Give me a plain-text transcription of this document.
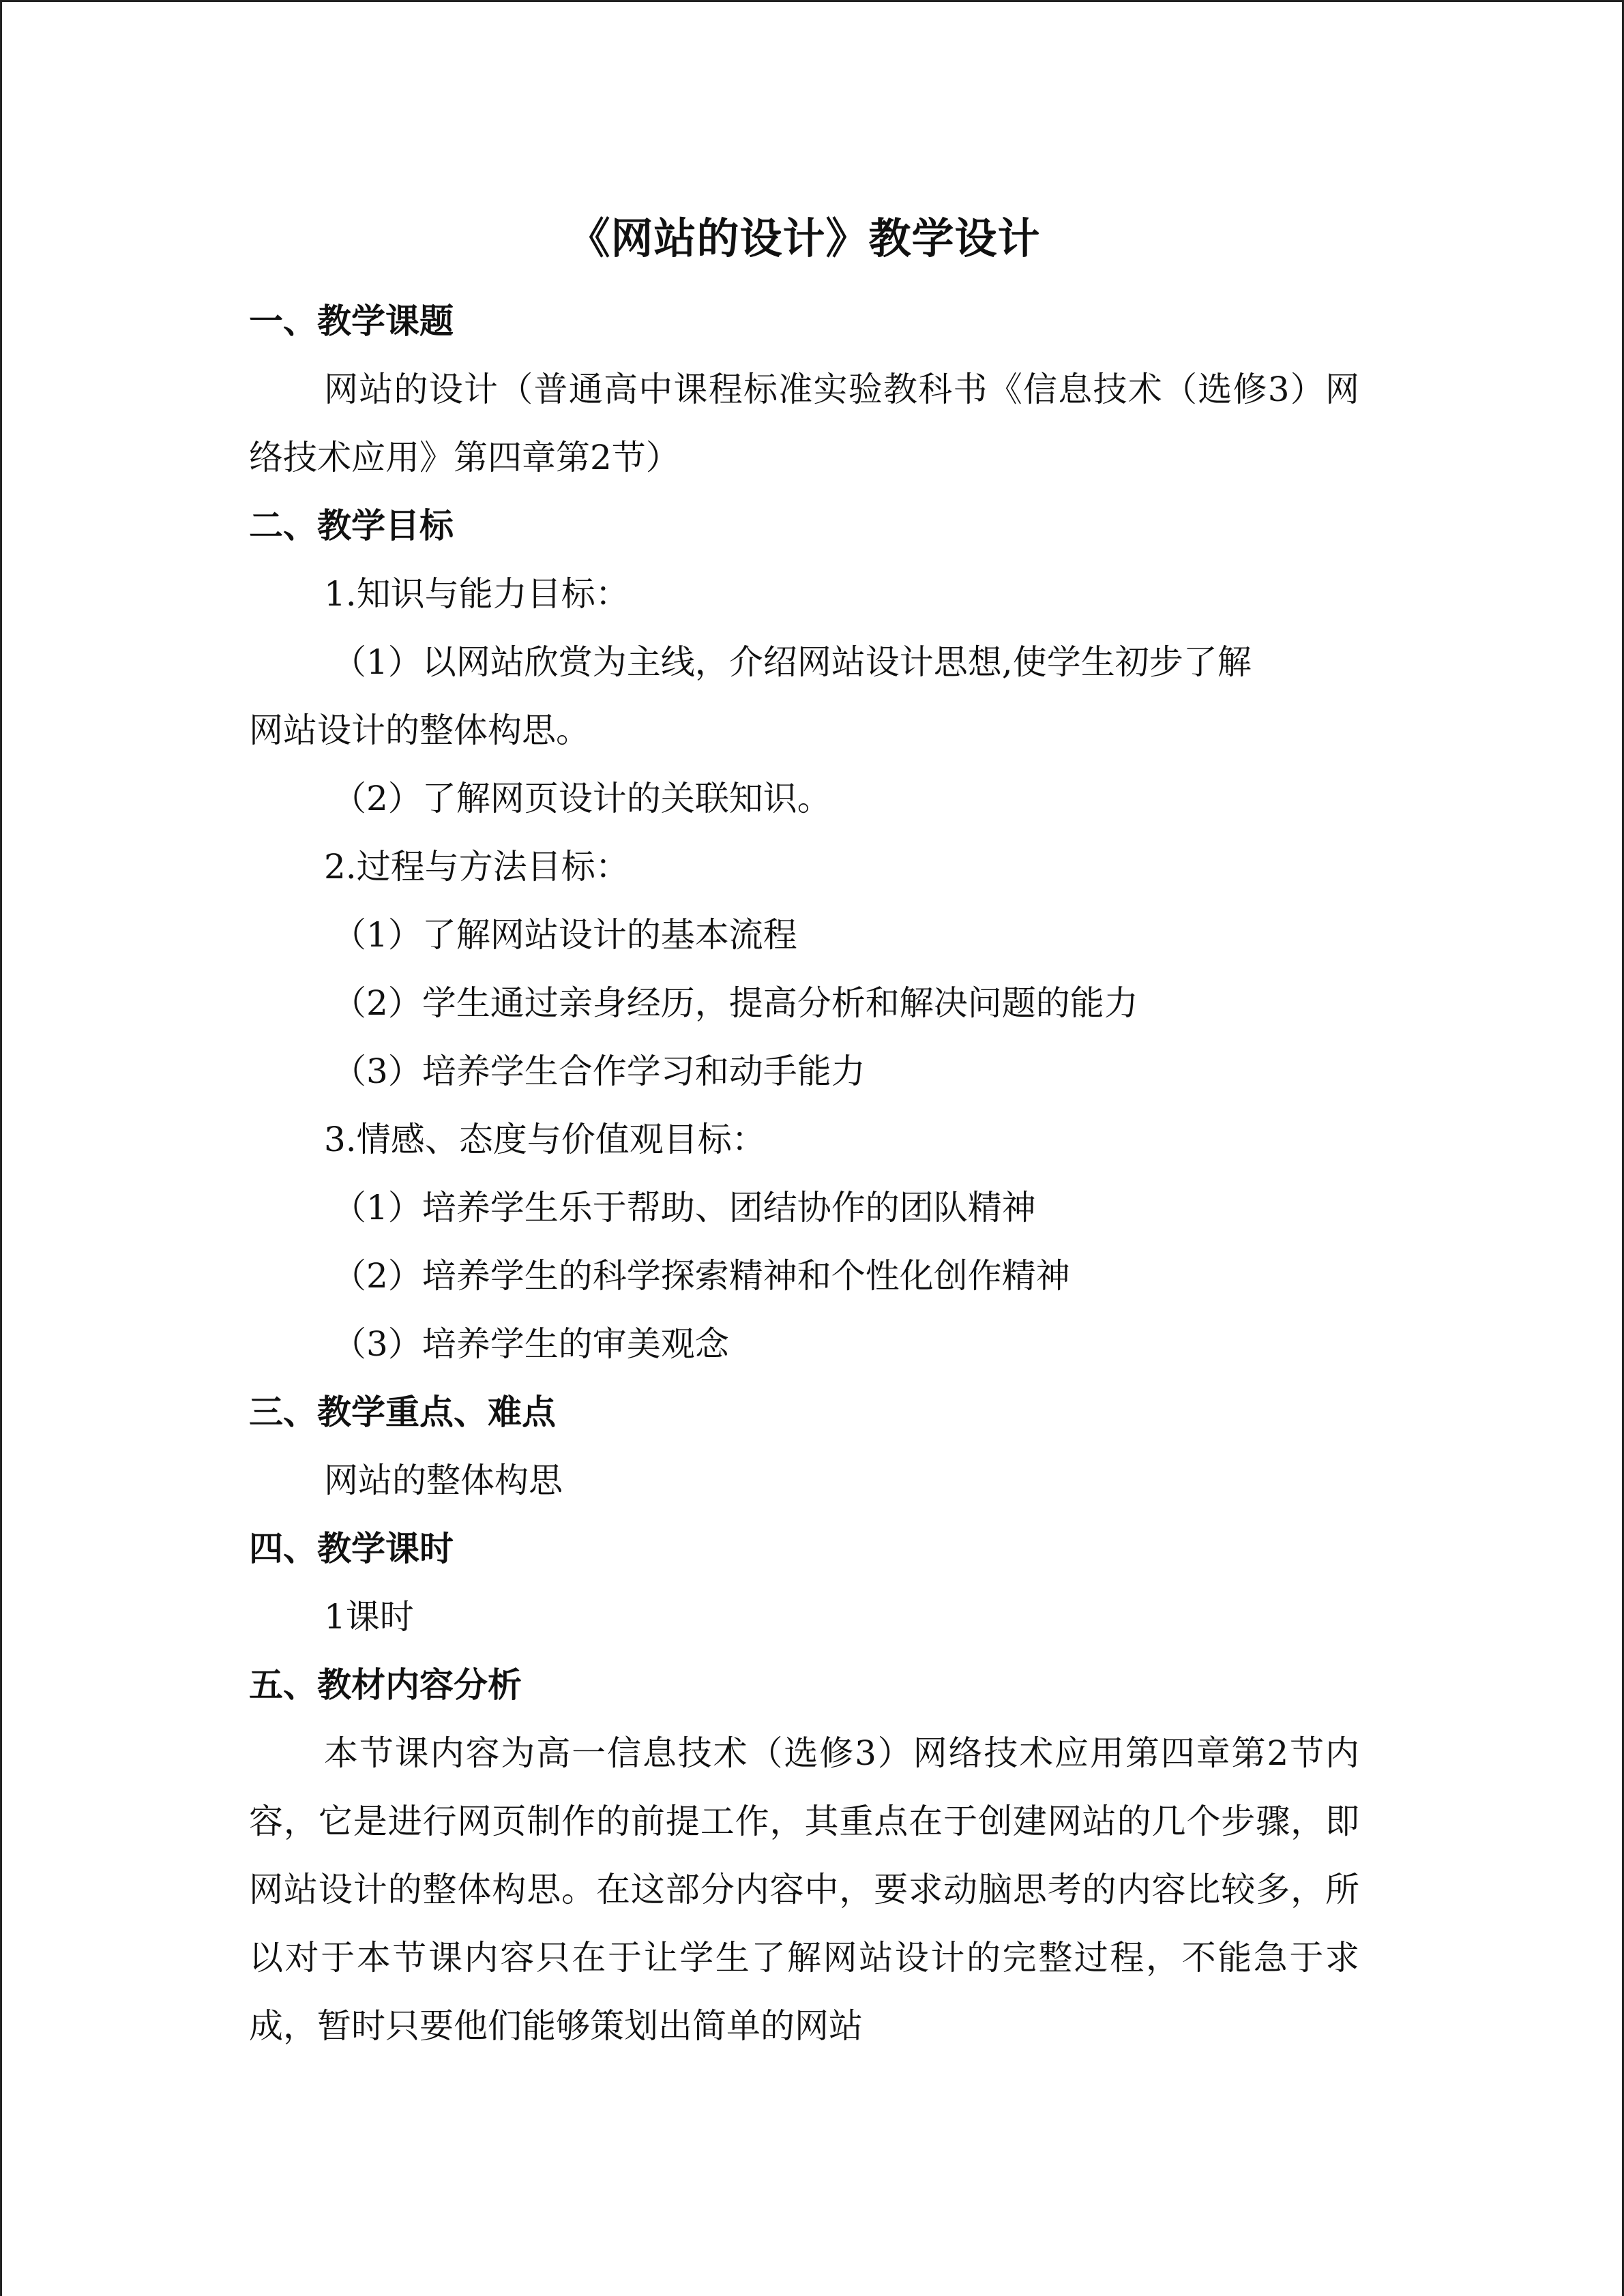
《网站的设计》教学设计
一、教学课题

网站的设计（普通高中课程标准实验教科书《信息技术（选修3）网络技术应用》第四章第2节）

二、教学目标
1.知识与能力目标：
（1）以网站欣赏为主线，介绍网站设计思想,使学生初步了解
网站设计的整体构思。
（2）了解网页设计的关联知识。
2.过程与方法目标：
（1）了解网站设计的基本流程
（2）学生通过亲身经历，提高分析和解决问题的能力
（3）培养学生合作学习和动手能力
3.情感、态度与价值观目标：
（1）培养学生乐于帮助、团结协作的团队精神
（2）培养学生的科学探索精神和个性化创作精神
（3）培养学生的审美观念
三、教学重点、难点
网站的整体构思
四、教学课时
1课时
五、教材内容分析

本节课内容为高一信息技术（选修3）网络技术应用第四章第2节内容，它是进行网页制作的前提工作，其重点在于创建网站的几个步骤，即网站设计的整体构思。在这部分内容中，要求动脑思考的内容比较多，所以对于本节课内容只在于让学生了解网站设计的完整过程，不能急于求成，暂时只要他们能够策划出简单的网站
